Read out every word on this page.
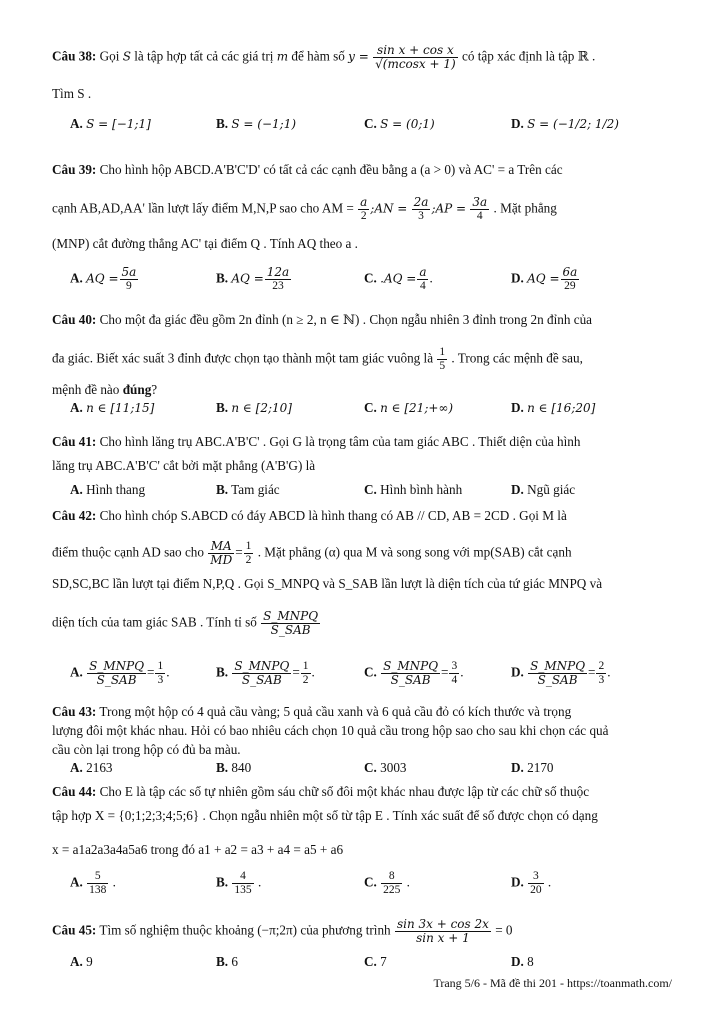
Câu 38: Gọi S là tập hợp tất cả các giá trị m để hàm số $y = \frac{\text{sin x + cos x}}{√(mcosx + 1)}$ có tập xác định là tập ℝ .
Tìm S .
A. S = [−1;1]	B. S = (−1;1)	C. S = (0;1)	D. S = (−1/2; 1/2)
Câu 39: Cho hình hộp ABCD.A'B'C'D' có tất cả các cạnh đều bằng a (a > 0) và AC' = a Trên các
cạnh AB,AD,AA' lần lượt lấy điểm M,N,P sao cho AM = $\frac{a}{2}$ ;AN = $\frac{2a}{3}$ ;AP = $\frac{3a}{4}$ . Mặt phẳng
(MNP) cắt đường thẳng AC' tại điểm Q . Tính AQ theo a .
A. AQ = $\frac{5a}{9}$	B. AQ = $\frac{12a}{23}$	C. $.AQ = \frac{a}{4}$ .	D. AQ = $\frac{6a}{29}$
Câu 40: Cho một đa giác đều gồm 2n đỉnh (n ≥ 2, n ∈ ℕ) . Chọn ngẫu nhiên 3 đỉnh trong 2n đỉnh của
đa giác. Biết xác suất 3 đỉnh được chọn tạo thành một tam giác vuông là $\frac{1}{5}$ . Trong các mệnh đề sau,
mệnh đề nào đúng?
A. n ∈ [11;15]	B. n ∈ [2;10]	C. n ∈ [21;+∞)	D. n ∈ [16;20]
Câu 41: Cho hình lăng trụ ABC.A'B'C' . Gọi G là trọng tâm của tam giác ABC . Thiết diện của hình
lăng trụ ABC.A'B'C' cắt bởi mặt phẳng (A'B'G) là
A. Hình thang	B. Tam giác	C. Hình bình hành	D. Ngũ giác
Câu 42: Cho hình chóp S.ABCD có đáy ABCD là hình thang có AB // CD, AB = 2CD . Gọi M là
điểm thuộc cạnh AD sao cho $\frac{MA}{MD} = \frac{1}{2}$ . Mặt phẳng (α) qua M và song song với mp(SAB) cắt cạnh
SD,SC,BC lần lượt tại điểm N,P,Q . Gọi S_MNPQ và S_SAB lần lượt là diện tích của tứ giác MNPQ và
diện tích của tam giác SAB . Tính tỉ số $\frac{\text{S\_MNPQ}}{\text{S\_SAB}}$
A. $\frac{\text{S\_MNPQ}}{\text{S\_SAB}} = \frac{1}{3}$ .	B. $\frac{\text{S\_MNPQ}}{\text{S\_SAB}} = \frac{1}{2}$ .	C. $\frac{\text{S\_MNPQ}}{\text{S\_SAB}} = \frac{3}{4}$ .	D. $\frac{\text{S\_MNPQ}}{\text{S\_SAB}} = \frac{2}{3}$ .
Câu 43: Trong một hộp có 4 quả cầu vàng; 5 quả cầu xanh và 6 quả cầu đỏ có kích thước và trọng
lượng đôi một khác nhau. Hỏi có bao nhiêu cách chọn 10 quả cầu trong hộp sao cho sau khi chọn các quả
cầu còn lại trong hộp có đủ ba màu.
A. 2163	B. 840	C. 3003	D. 2170
Câu 44: Cho E là tập các số tự nhiên gồm sáu chữ số đôi một khác nhau được lập từ các chữ số thuộc
tập hợp X = {0;1;2;3;4;5;6} . Chọn ngẫu nhiên một số từ tập E . Tính xác suất để số được chọn có dạng
x = a1a2a3a4a5a6 trong đó a1 + a2 = a3 + a4 = a5 + a6
A. $\frac{5}{138}$ .	B. $\frac{4}{135}$ .	C. $\frac{8}{225}$ .	D. $\frac{3}{20}$ .
Câu 45: Tìm số nghiệm thuộc khoảng (−π;2π) của phương trình $\frac{\sin 3x + \cos 2x}{\text{sin x + 1}} = 0$
A. 9	B. 6	C. 7	D. 8
Trang 5/6 - Mã đề thi 201 - https://toanmath.com/
